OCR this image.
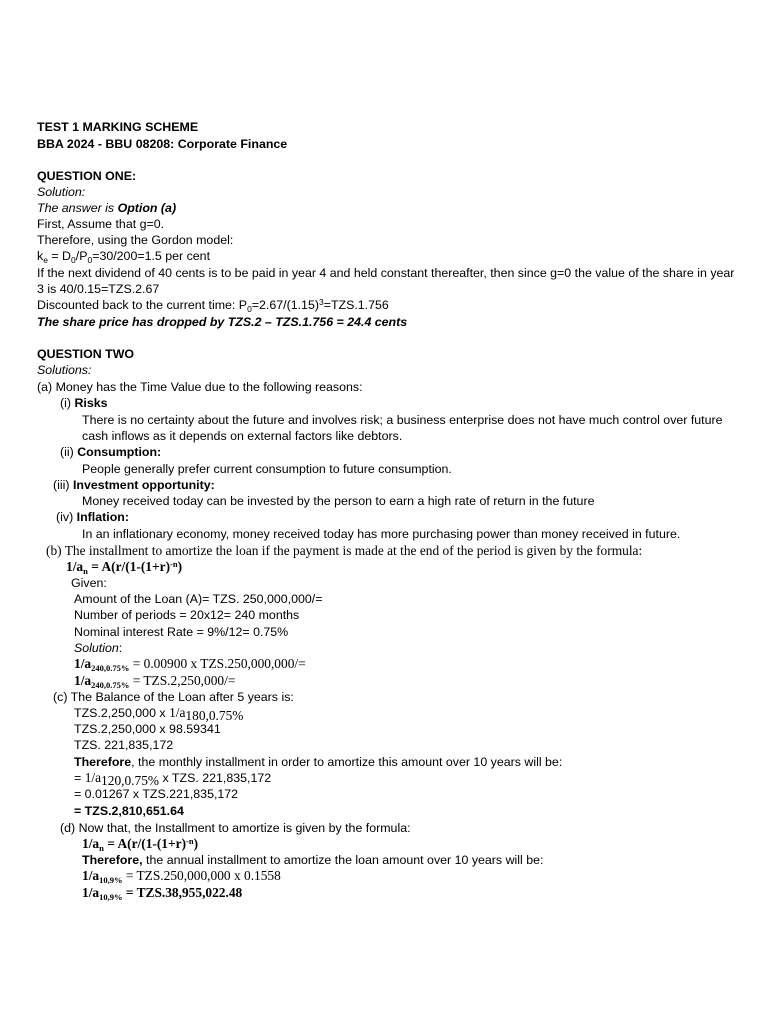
TEST 1 MARKING SCHEME
BBA 2024 - BBU 08208: Corporate Finance
QUESTION ONE:
Solution:
The answer is Option (a)
First, Assume that g=0.
Therefore, using the Gordon model:
$k_e = D_0/P_0=30/200=1.5$ per cent
If the next dividend of 40 cents is to be paid in year 4 and held constant thereafter, then since g=0 the value of the share in year
3 is 40/0.15=TZS.2.67
Discounted back to the current time: $P_0=2.67/(1.15)^3=TZS.1.756$
The share price has dropped by TZS.2 – TZS.1.756 = 24.4 cents
QUESTION TWO
Solutions:
(a) Money has the Time Value due to the following reasons:
(i) Risks
There is no certainty about the future and involves risk; a business enterprise does not have much control over future
cash inflows as it depends on external factors like debtors.
(ii) Consumption:
People generally prefer current consumption to future consumption.
(iii) Investment opportunity:
Money received today can be invested by the person to earn a high rate of return in the future
(iv) Inflation:
In an inflationary economy, money received today has more purchasing power than money received in future.
(b) The installment to amortize the loan if the payment is made at the end of the period is given by the formula:
$1/a_n = A(r/(1-(1+r)^{-n})$
Given:
Amount of the Loan (A)= TZS. 250,000,000/=
Number of periods = 20x12= 240 months
Nominal interest Rate = 9%/12= 0.75%
Solution:
$1/a_{240,0.75\%} = 0.00900$ x TZS.250,000,000/=
$1/a_{240,0.75\%} = TZS.2,250,000/=$
(c) The Balance of the Loan after 5 years is:
TZS.2,250,000 x $1/a_{180,0.75\%}$
TZS.2,250,000 x 98.59341
TZS. 221,835,172
Therefore, the monthly installment in order to amortize this amount over 10 years will be:
= $1/a_{120,0.75\%}$ x TZS. 221,835,172
= 0.01267 x TZS.221,835,172
= TZS.2,810,651.64
(d) Now that, the Installment to amortize is given by the formula:
$1/a_n = A(r/(1-(1+r)^{-n})$
Therefore, the annual installment to amortize the loan amount over 10 years will be:
$1/a_{10,9\%} = TZS.250,000,000$ x 0.1558
$1/a_{10,9\%} = TZS.38,955,022.48$
